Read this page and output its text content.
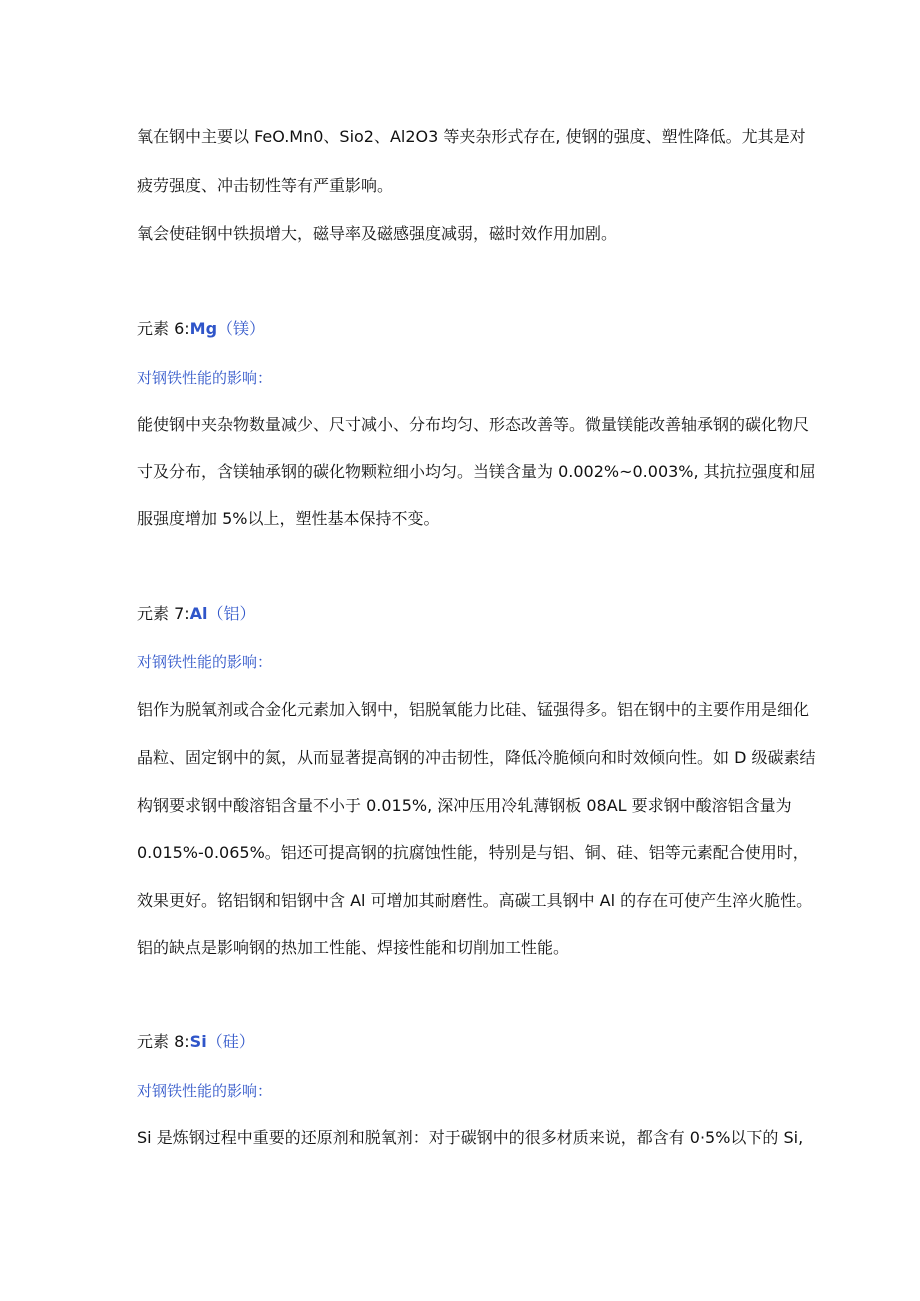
氧在钢中主要以 FeO.Mn0、Sio2、Al2O3 等夹杂形式存在, 使钢的强度、塑性降低。尤其是对
疲劳强度、冲击韧性等有严重影响。
氧会使硅钢中铁损增大，磁导率及磁感强度减弱，磁时效作用加剧。
元素 6:Mg（镁）
对钢铁性能的影响：
能使钢中夹杂物数量减少、尺寸减小、分布均匀、形态改善等。微量镁能改善轴承钢的碳化物尺
寸及分布，含镁轴承钢的碳化物颗粒细小均匀。当镁含量为 0.002%~0.003%, 其抗拉强度和屈
服强度增加 5%以上，塑性基本保持不变。
元素 7:Al（铝）
对钢铁性能的影响：
铝作为脱氧剂或合金化元素加入钢中，铝脱氧能力比硅、锰强得多。铝在钢中的主要作用是细化
晶粒、固定钢中的氮，从而显著提高钢的冲击韧性，降低冷脆倾向和时效倾向性。如 D 级碳素结
构钢要求钢中酸溶铝含量不小于 0.015%, 深冲压用冷轧薄钢板 08AL 要求钢中酸溶铝含量为
0.015%-0.065%。铝还可提高钢的抗腐蚀性能，特别是与铝、铜、硅、铝等元素配合使用时，
效果更好。铭铝钢和铝钢中含 Al 可增加其耐磨性。高碳工具钢中 Al 的存在可使产生淬火脆性。
铝的缺点是影响钢的热加工性能、焊接性能和切削加工性能。
元素 8:Si（硅）
对钢铁性能的影响：
Si 是炼钢过程中重要的还原剂和脱氧剂：对于碳钢中的很多材质来说，都含有 0·5%以下的 Si,
